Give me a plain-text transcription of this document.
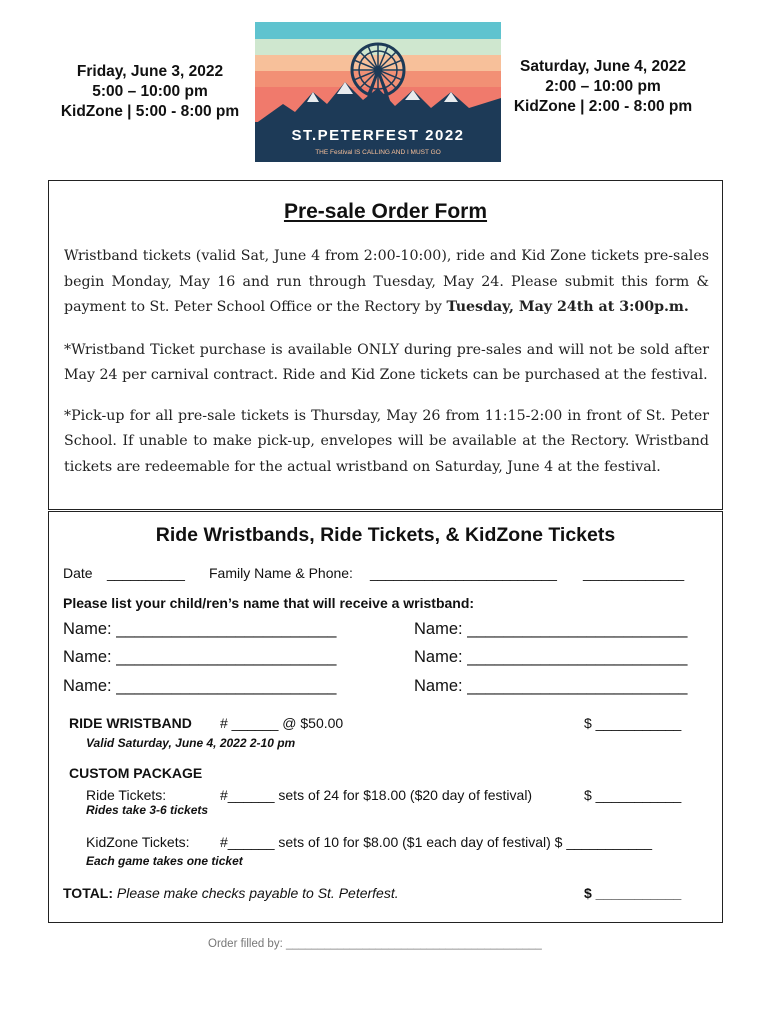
Friday, June 3, 2022
5:00 – 10:00 pm
KidZone | 5:00 - 8:00 pm
Saturday, June 4, 2022
2:00 – 10:00 pm
KidZone | 2:00 - 8:00 pm
ST.PETERFEST 2022
THE Festival IS CALLING AND I MUST GO
Pre-sale Order Form

Wristband tickets (valid Sat, June 4 from 2:00-10:00), ride and Kid Zone tickets pre-sales begin Monday, May 16 and run through Tuesday, May 24. Please submit this form & payment to St. Peter School Office or the Rectory by Tuesday, May 24th at 3:00p.m.

*Wristband Ticket purchase is available ONLY during pre-sales and will not be sold after May 24 per carnival contract. Ride and Kid Zone tickets can be purchased at the festival.

*Pick-up for all pre-sale tickets is Thursday, May 26 from 11:15-2:00 in front of St. Peter School. If unable to make pick-up, envelopes will be available at the Rectory. Wristband tickets are redeemable for the actual wristband on Saturday, June 4 at the festival.

Ride Wristbands, Ride Tickets, & KidZone Tickets
Date __________ Family Name & Phone: ________________________ _____________
Please list your child/ren’s name that will receive a wristband:
Name: ________________________	Name: ________________________
Name: ________________________	Name: ________________________
Name: ________________________	Name: ________________________
RIDE WRISTBAND # ______ @ $50.00	$ ___________
Valid Saturday, June 4, 2022 2-10 pm
CUSTOM PACKAGE
Ride Tickets:	#______ sets of 24 for $18.00 ($20 day of festival)	$ ___________
Rides take 3-6 tickets
KidZone Tickets: #______ sets of 10 for $8.00 ($1 each day of festival) $ ___________
Each game takes one ticket
TOTAL: Please make checks payable to St. Peterfest.	$ ___________
Order filled by: ________________________________________
